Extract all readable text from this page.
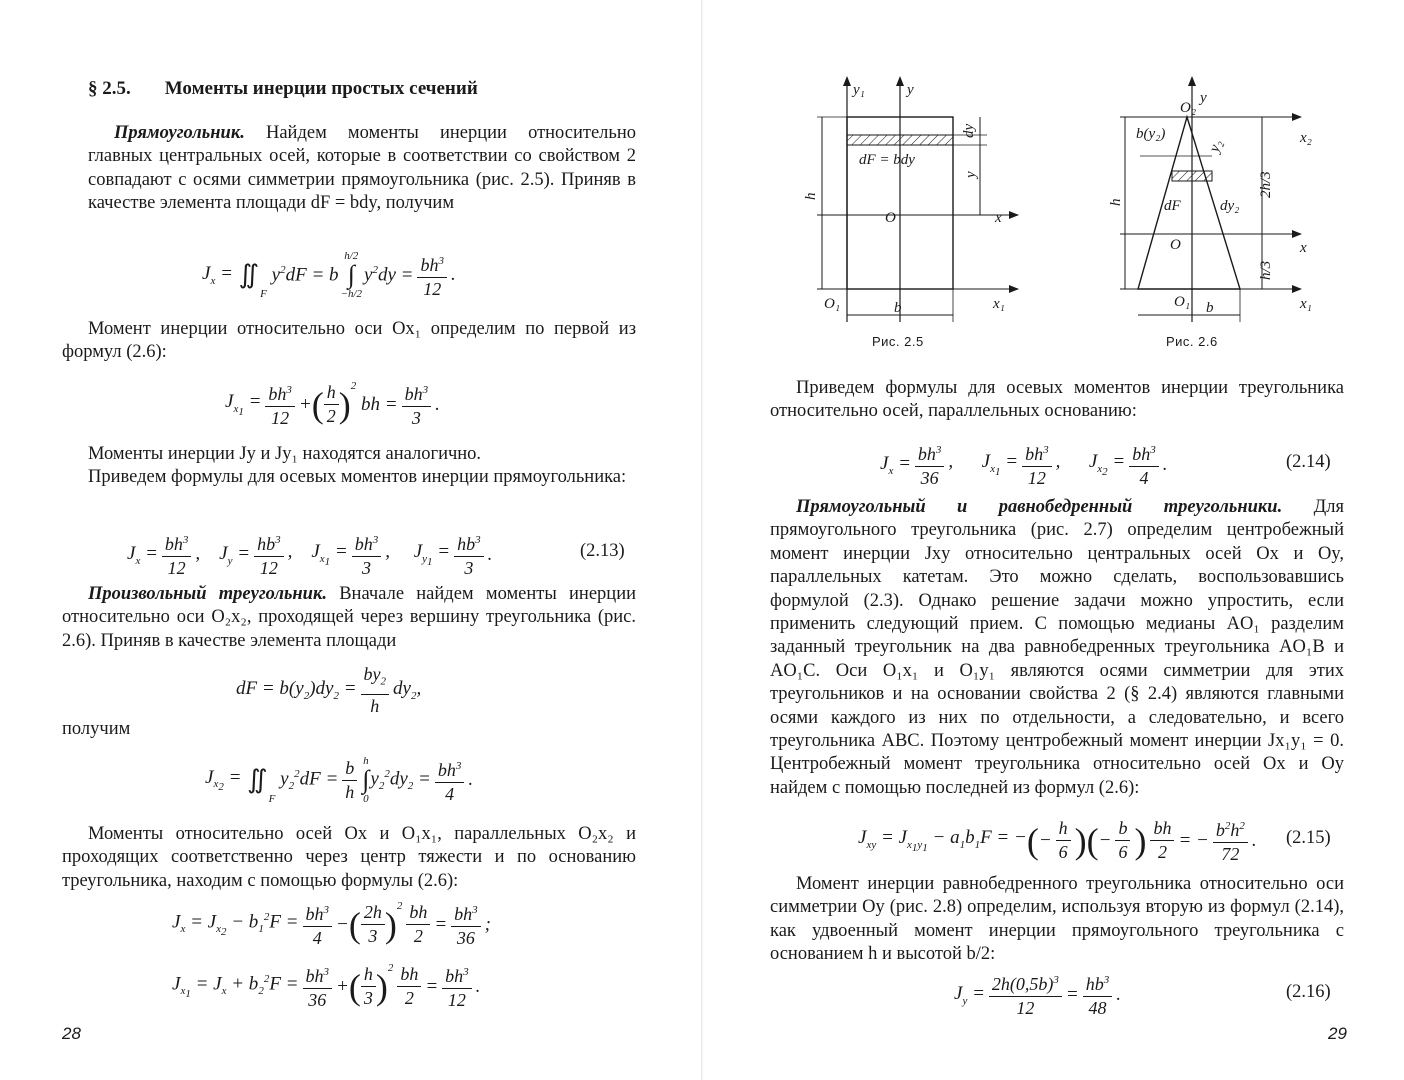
§ 2.5. Моменты инерции простых сечений
Прямоугольник. Найдем моменты инерции относительно главных центральных осей, которые в соответствии со свойством 2 совпадают с осями симметрии прямоугольника (рис. 2.5). Приняв в качестве элемента площади dF = bdy, получим
$J_x$ = ∬
F
$y^2dF = b$
h/2
∫
−h/2
$y^2dy = \frac{bh^3}{12}$ .
Момент инерции относительно оси Ox₁ определим по первой из формул (2.6):
$J_{x_1} = \frac{bh^3}{12}$ + ( $\frac{h}{2} )^2$
bh = $\frac{bh^3}{3}$ .
Моменты инерции Jy и Jy₁ находятся аналогично.
Приведем формулы для осевых моментов инерции прямоугольника:
$J_x = \frac{bh^3}{12}$ ,    $J_y = \frac{hb^3}{12}$ ,    $J_{x_1} = \frac{bh^3}{3}$ ,     $J_{y_1} = \frac{hb^3}{3}$ .	(2.13)
Произвольный треугольник. Вначале найдем моменты инерции относительно оси O₂x₂, проходящей через вершину треугольника (рис. 2.6). Приняв в качестве элемента площади
dF = $b(y_2)dy_2 = \frac{by_2}{h} dy_2$,
получим
$J_{x_2}$ = ∬
F
$y_2^2dF = \frac{b}{h}$ h
∫
0
$y_2^2dy_2 = \frac{bh^3}{4}$ .
Моменты относительно осей Ox и O₁x₁, параллельных O₂x₂ и проходящих соответственно через центр тяжести и по основанию треугольника, находим с помощью формулы (2.6):
$J_x = J_{x_2} - b_1^2F = \frac{bh^3}{4}$ − ( $\frac{2h}{3} )^2 \frac{bh}{2} = \frac{bh^3}{36}$ ;
$J_{x_1} = J_x + b_2^2F = \frac{bh^3}{36}$ + ( $\frac{h}{3} )^2 \frac{bh}{2} = \frac{bh^3}{12}$ .
28
y₁	y
dy
dF = bdy
y
h
O	x
O₁	b	x₁
Рис. 2.5
O₂
y
b(y₂)	x₂
y₂
2h/3
dF	dy₂
h
O	x
h/3
O₁ b	x₁
Рис. 2.6
Приведем формулы для осевых моментов инерции треугольника относительно осей, параллельных основанию:
$J_x = \frac{bh^3}{36}$ ,      $J_{x_1} = \frac{bh^3}{12}$ ,      $J_{x_2} = \frac{bh^3}{4}$ .	(2.14)
Прямоугольный и равнобедренный треугольники. Для прямоугольного треугольника (рис. 2.7) определим центробежный момент инерции Jxy относительно центральных осей Ox и Oy, параллельных катетам. Это можно сделать, воспользовавшись формулой (2.3). Однако решение задачи можно упростить, если применить следующий прием. С помощью медианы AO₁ разделим заданный треугольник на два равнобедренных треугольника AO₁B и AO₁C. Оси O₁x₁ и O₁y₁ являются осями симметрии для этих треугольников и на основании свойства 2 (§ 2.4) являются главными осями каждого из них по отдельности, а следовательно, и всего треугольника ABC. Поэтому центробежный момент инерции Jx₁y₁ = 0. Центробежный момент треугольника относительно осей Ox и Oy найдем с помощью последней из формул (2.6):
$J_{xy} = J_{x_1y_1} - a_1b_1F$ = − ( − $\frac{h}{6}$ )( − $\frac{b}{6}$ ) $\frac{bh}{2}$ = − $\frac{b^2h^2}{72}$ . (2.15)
Момент инерции равнобедренного треугольника относительно оси симметрии Oy (рис. 2.8) определим, используя вторую из формул (2.14), как удвоенный момент инерции прямоугольного треугольника с основанием h и высотой b/2:
$J_y = \frac{2h(0,5b)^3}{12} = \frac{hb^3}{48}$ .	(2.16)
29
